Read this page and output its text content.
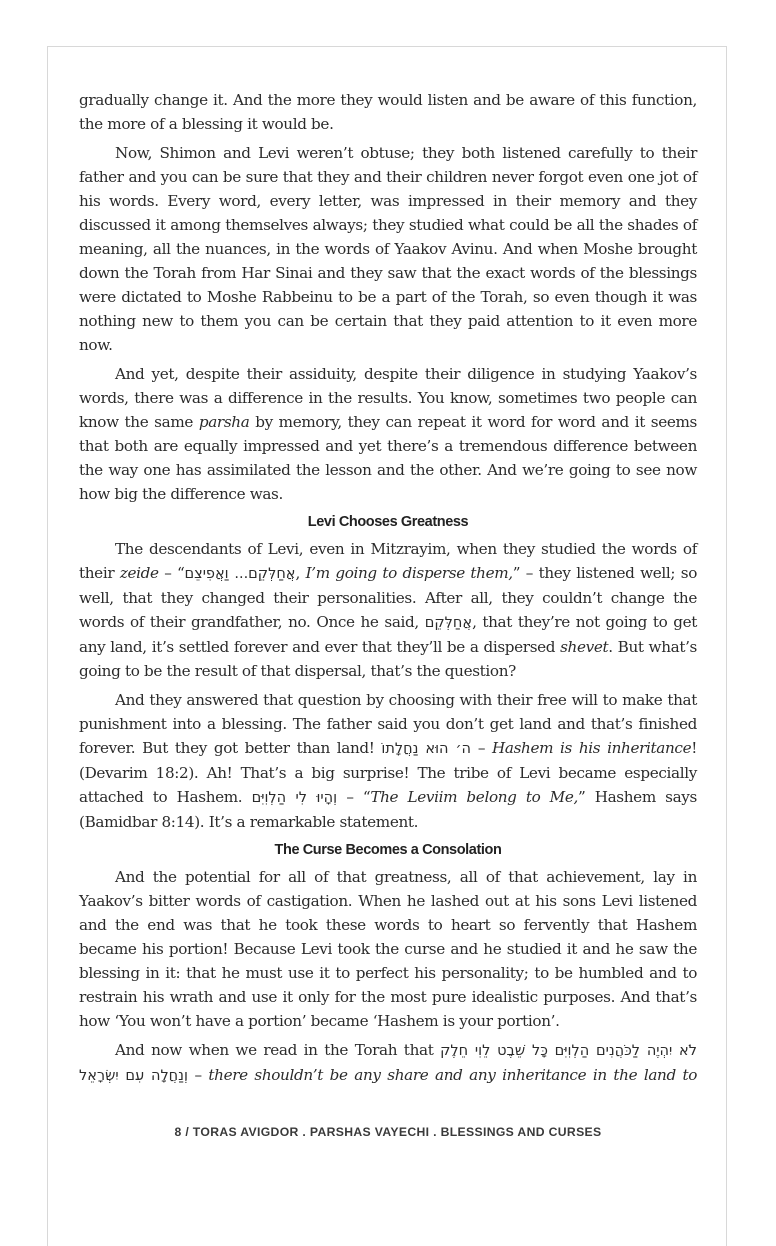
gradually change it. And the more they would listen and be aware of this function, the more of a blessing it would be.

Now, Shimon and Levi weren’t obtuse; they both listened carefully to their father and you can be sure that they and their children never forgot even one jot of his words. Every word, every letter, was impressed in their memory and they discussed it among themselves always; they studied what could be all the shades of meaning, all the nuances, in the words of Yaakov Avinu. And when Moshe brought down the Torah from Har Sinai and they saw that the exact words of the blessings were dictated to Moshe Rabbeinu to be a part of the Torah, so even though it was nothing new to them you can be certain that they paid attention to it even more now.

And yet, despite their assiduity, despite their diligence in studying Yaakov’s words, there was a difference in the results. You know, sometimes two people can know the same parsha by memory, they can repeat it word for word and it seems that both are equally impressed and yet there’s a tremendous difference between the way one has assimilated the lesson and the other. And we’re going to see now how big the difference was.

Levi Chooses Greatness

The descendants of Levi, even in Mitzrayim, when they studied the words of their zeide – “אֲחַלְּקֵם... וַאֲפִיצֵם, I’m going to disperse them,” – they listened well; so well, that they changed their personalities. After all, they couldn’t change the words of their grandfather, no. Once he said, אֲחַלְּקֵם, that they’re not going to get any land, it’s settled forever and ever that they’ll be a dispersed shevet. But what’s going to be the result of that dispersal, that’s the question?

And they answered that question by choosing with their free will to make that punishment into a blessing. The father said you don’t get land and that’s finished forever. But they got better than land! ה׳ הוּא נַחֲלָתוֹ – Hashem is his inheritance! (Devarim 18:2). Ah! That’s a big surprise! The tribe of Levi became especially attached to Hashem. וְהָיוּ לִי הַלְוִיִּם – “The Leviim belong to Me,” Hashem says (Bamidbar 8:14). It’s a remarkable statement.

The Curse Becomes a Consolation

And the potential for all of that greatness, all of that achievement, lay in Yaakov’s bitter words of castigation. When he lashed out at his sons Levi listened and the end was that he took these words to heart so fervently that Hashem became his portion! Because Levi took the curse and he studied it and he saw the blessing in it: that he must use it to perfect his personality; to be humbled and to restrain his wrath and use it only for the most pure idealistic purposes. And that’s how ‘You won’t have a portion’ became ‘Hashem is your portion’.

And now when we read in the Torah that לֹא יִהְיֶה לַכֹּהֲנִים הַלְוִיִּם כָּל שֵׁבֶט לֵוִי חֵלֶק וְנַחֲלָה עִם יִשְׂרָאֵל – there shouldn’t be any share and any inheritance in the land to

8 / TORAS AVIGDOR . PARSHAS VAYECHI . BLESSINGS AND CURSES
